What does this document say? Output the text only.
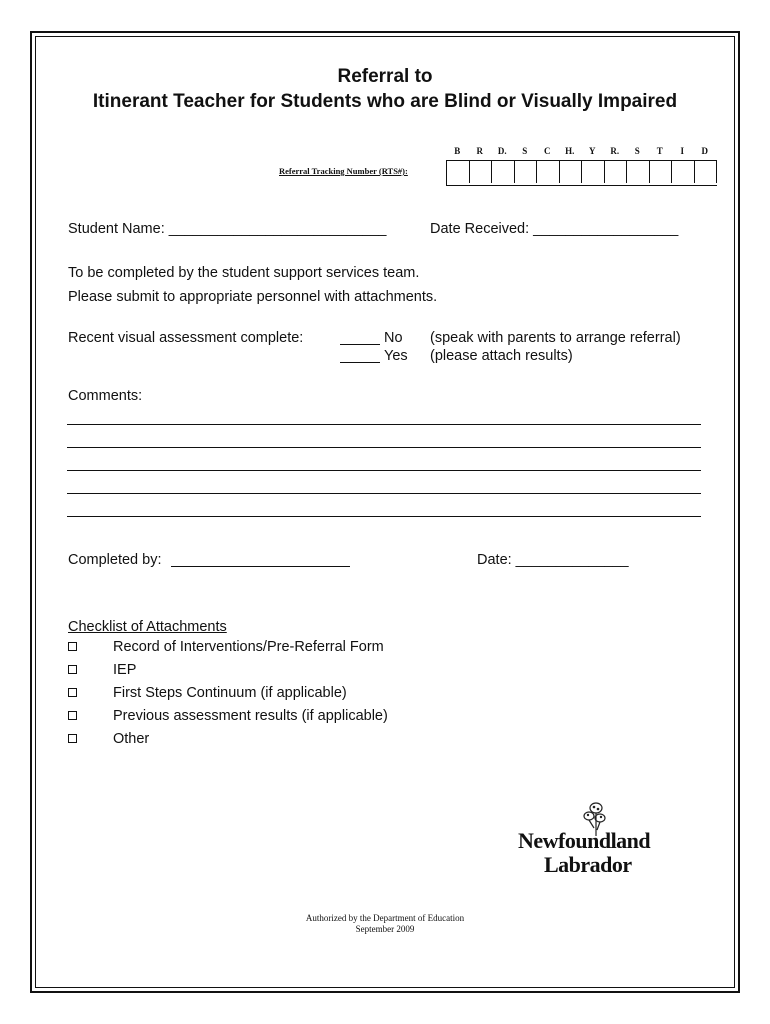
Referral to
Itinerant Teacher for Students who are Blind or Visually Impaired
Referral Tracking Number (RTS#):
B	R	D.	S	C	H.	Y	R.	S	T	I	D
Student Name: ___________________________	Date Received: __________________
To be completed by the student support services team.
Please submit to appropriate personnel with attachments.
Recent visual assessment complete:	No (speak with parents to arrange referral)
Yes (please attach results)
Comments:
Completed by:	Date: ______________
Checklist of Attachments
Record of Interventions/Pre-Referral Form
IEP
First Steps Continuum (if applicable)
Previous assessment results (if applicable)
Other
Newfoundland
Labrador
Authorized by the Department of Education
September 2009
